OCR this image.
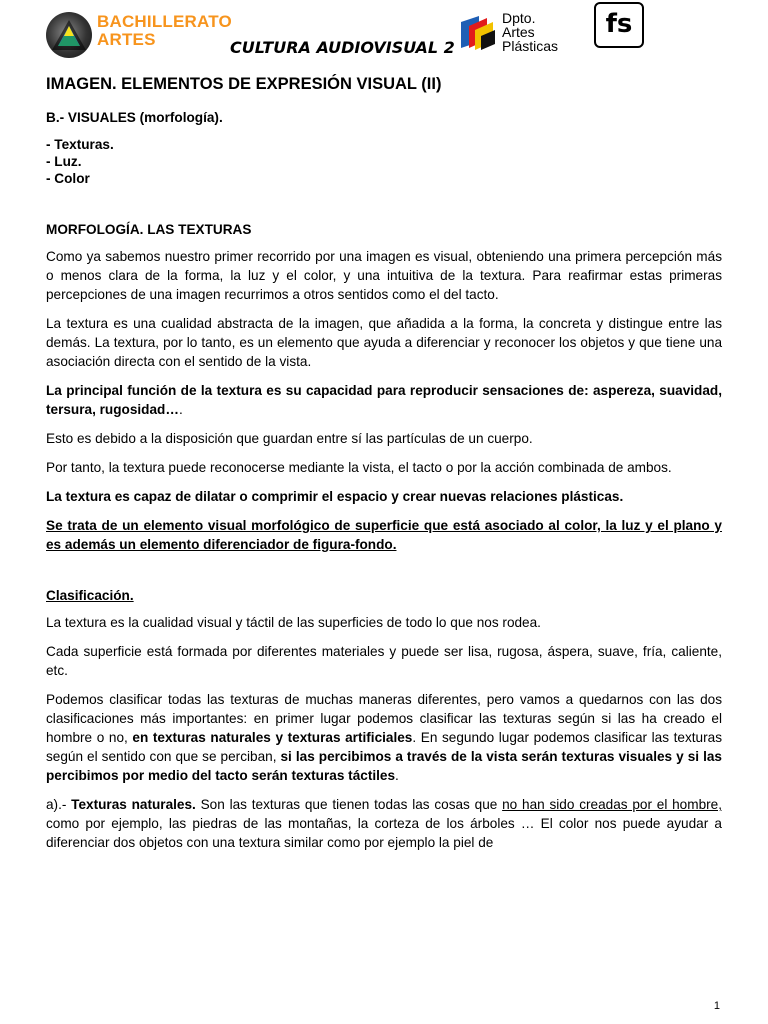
BACHILLERATO
ARTES	CULTURA AUDIOVISUAL 2
Dpto.
Artes
Plásticas
fs
IMAGEN. ELEMENTOS DE EXPRESIÓN VISUAL (II)
B.- VISUALES (morfología).
- Texturas.
- Luz.
- Color
MORFOLOGÍA. LAS TEXTURAS

Como ya sabemos nuestro primer recorrido por una imagen es visual, obteniendo una primera percepción más o menos clara de la forma, la luz y el color, y una intuitiva de la textura. Para reafirmar estas primeras percepciones de una imagen recurrimos a otros sentidos como el del tacto.

La textura es una cualidad abstracta de la imagen, que añadida a la forma, la concreta y distingue entre las demás. La textura, por lo tanto, es un elemento que ayuda a diferenciar y reconocer los objetos y que tiene una asociación directa con el sentido de la vista.

La principal función de la textura es su capacidad para reproducir sensaciones de: aspereza, suavidad, tersura, rugosidad….

Esto es debido a la disposición que guardan entre sí las partículas de un cuerpo.

Por tanto, la textura puede reconocerse mediante la vista, el tacto o por la acción combinada de ambos.

La textura es capaz de dilatar o comprimir el espacio y crear nuevas relaciones plásticas.

Se trata de un elemento visual morfológico de superficie que está asociado al color, la luz y el plano y es además un elemento diferenciador de figura-fondo.

Clasificación.

La textura es la cualidad visual y táctil de las superficies de todo lo que nos rodea.

Cada superficie está formada por diferentes materiales y puede ser lisa, rugosa, áspera, suave, fría, caliente, etc.

Podemos clasificar todas las texturas de muchas maneras diferentes, pero vamos a quedarnos con las dos clasificaciones más importantes: en primer lugar podemos clasificar las texturas según si las ha creado el hombre o no, en texturas naturales y texturas artificiales. En segundo lugar podemos clasificar las texturas según el sentido con que se perciban, si las percibimos a través de la vista serán texturas visuales y si las percibimos por medio del tacto serán texturas táctiles.

a).- Texturas naturales. Son las texturas que tienen todas las cosas que no han sido creadas por el hombre, como por ejemplo, las piedras de las montañas, la corteza de los árboles … El color nos puede ayudar a diferenciar dos objetos con una textura similar como por ejemplo la piel de

1
